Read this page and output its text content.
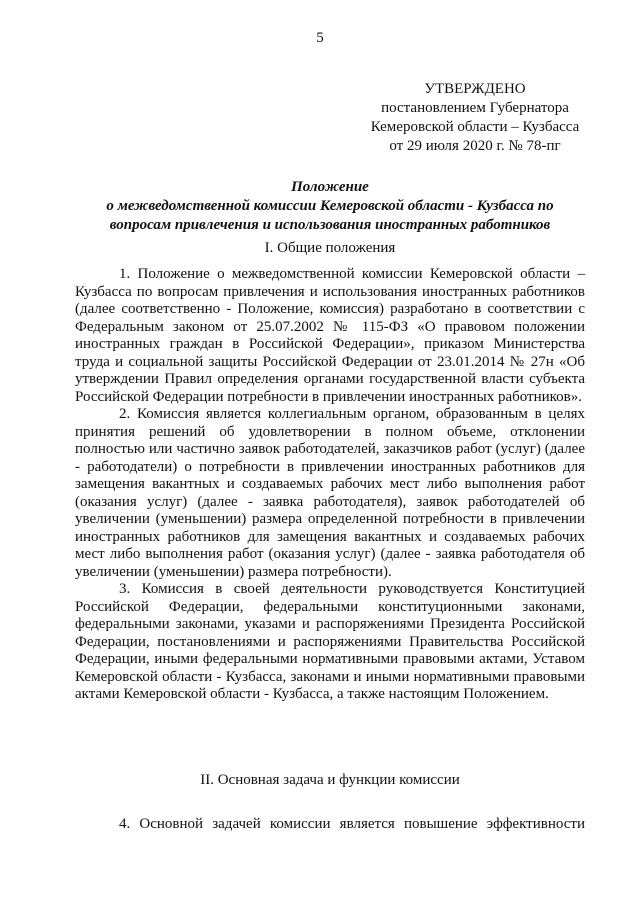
5
УТВЕРЖДЕНО
постановлением Губернатора
Кемеровской области – Кузбасса
от 29 июля 2020 г. № 78-пг
Положение
о межведомственной комиссии Кемеровской области - Кузбасса по
вопросам привлечения и использования иностранных работников
I. Общие положения

1. Положение о межведомственной комиссии Кемеровской области – Кузбасса по вопросам привлечения и использования иностранных работников (далее соответственно - Положение, комиссия) разработано в соответствии с Федеральным законом от 25.07.2002 № 115-ФЗ «О правовом положении иностранных граждан в Российской Федерации», приказом Министерства труда и социальной защиты Российской Федерации от 23.01.2014 № 27н «Об утверждении Правил определения органами государственной власти субъекта Российской Федерации потребности в привлечении иностранных работников».

2. Комиссия является коллегиальным органом, образованным в целях принятия решений об удовлетворении в полном объеме, отклонении полностью или частично заявок работодателей, заказчиков работ (услуг) (далее - работодатели) о потребности в привлечении иностранных работников для замещения вакантных и создаваемых рабочих мест либо выполнения работ (оказания услуг) (далее - заявка работодателя), заявок работодателей об увеличении (уменьшении) размера определенной потребности в привлечении иностранных работников для замещения вакантных и создаваемых рабочих мест либо выполнения работ (оказания услуг) (далее - заявка работодателя об увеличении (уменьшении) размера потребности).

3. Комиссия в своей деятельности руководствуется Конституцией Российской Федерации, федеральными конституционными законами, федеральными законами, указами и распоряжениями Президента Российской Федерации, постановлениями и распоряжениями Правительства Российской Федерации, иными федеральными нормативными правовыми актами, Уставом Кемеровской области - Кузбасса, законами и иными нормативными правовыми актами Кемеровской области - Кузбасса, а также настоящим Положением.

II. Основная задача и функции комиссии

4. Основной задачей комиссии является повышение эффективности
